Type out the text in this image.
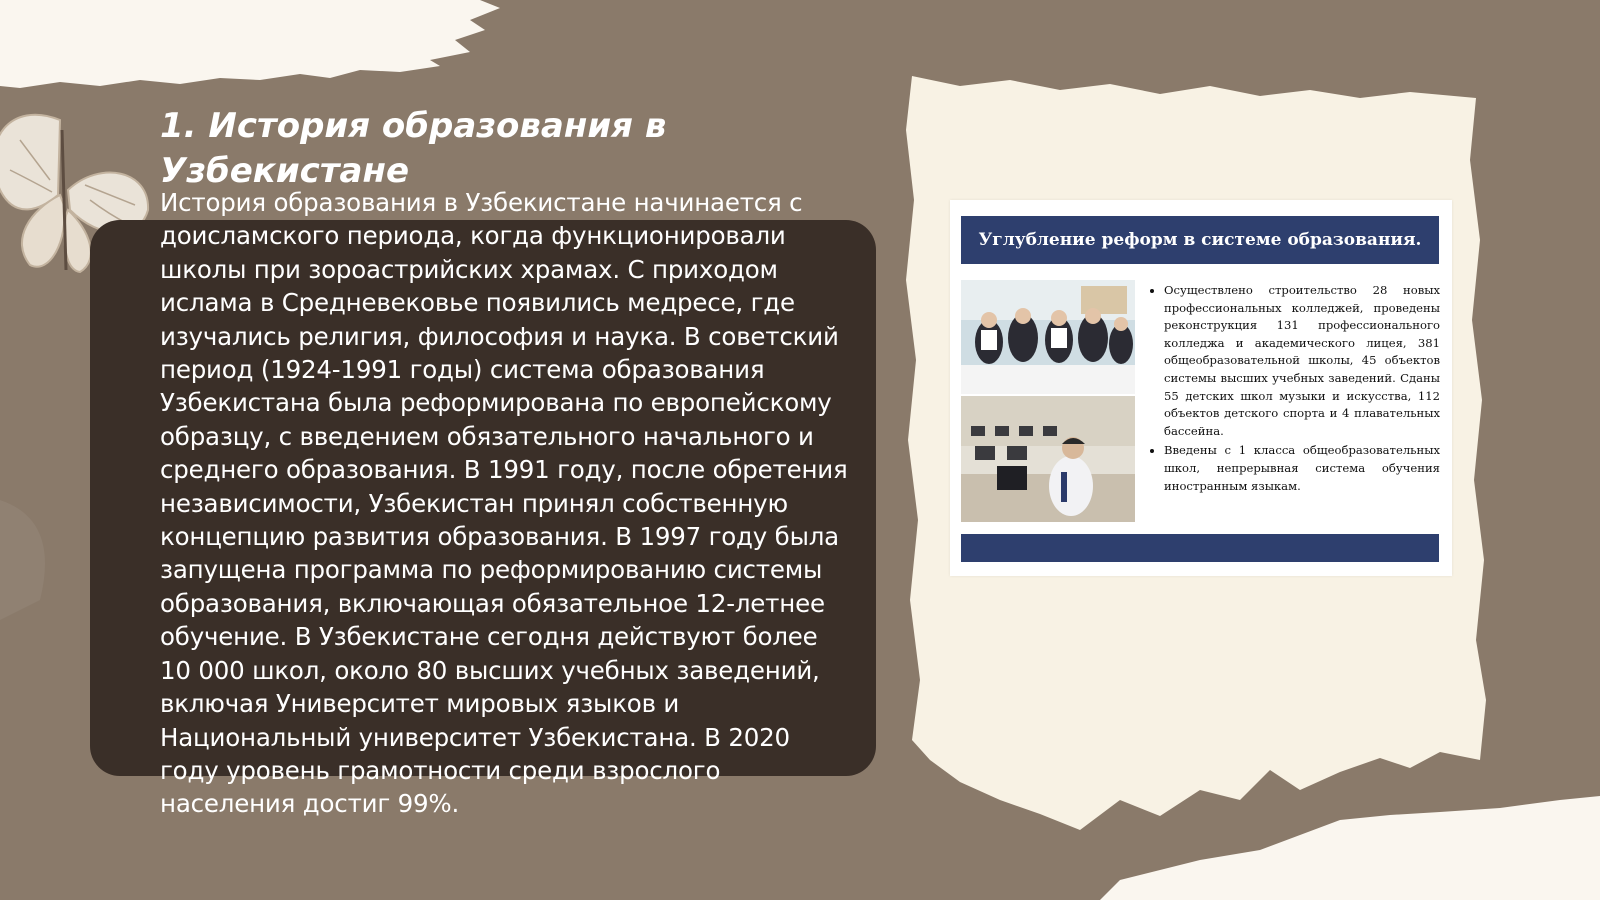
1. История образования в Узбекистане

История образования в Узбекистане начинается с доисламского периода, когда функционировали школы при зороастрийских храмах. С приходом ислама в Средневековье появились медресе, где изучались религия, философия и наука. В советский период (1924-1991 годы) система образования Узбекистана была реформирована по европейскому образцу, с введением обязательного начального и среднего образования. В 1991 году, после обретения независимости, Узбекистан принял собственную концепцию развития образования. В 1997 году была запущена программа по реформированию системы образования, включающая обязательное 12-летнее обучение. В Узбекистане сегодня действуют более 10 000 школ, около 80 высших учебных заведений, включая Университет мировых языков и Национальный университет Узбекистана. В 2020 году уровень грамотности среди взрослого населения достиг 99%.

Углубление реформ в системе образования.
• Осуществлено строительство 28 новых профессиональных колледжей, проведены реконструкция 131 профессионального колледжа и академического лицея, 381 общеобразовательной школы, 45 объектов системы высших учебных заведений. Сданы 55 детских школ музыки и искусства, 112 объектов детского спорта и 4 плавательных бассейна.
• Введены с 1 класса общеобразовательных школ, непрерывная система обучения иностранным языкам.
